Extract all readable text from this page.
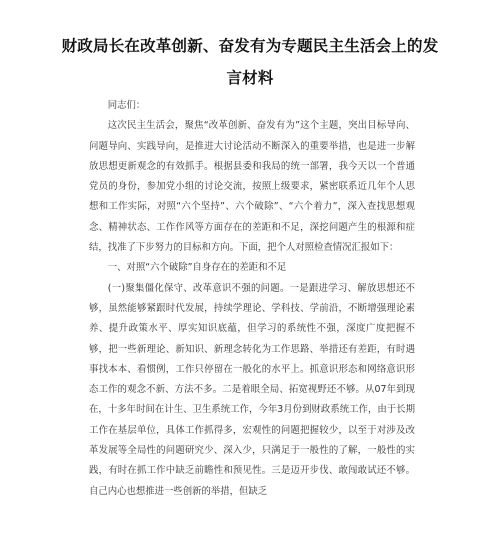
财政局长在改革创新、奋发有为专题民主生活会上的发言材料

同志们：

这次民主生活会，聚焦“改革创新、奋发有为”这个主题，突出目标导向、问题导向、实践导向，是推进大讨论活动不断深入的重要举措，也是进一步解放思想更新观念的有效抓手。根据县委和我局的统一部署，我今天以一个普通党员的身份，参加党小组的讨论交流，按照上级要求，紧密联系近几年个人思想和工作实际，对照“六个坚持”、六个破除”、“六个着力”，深入查找思想观念、精神状态、工作作风等方面存在的差距和不足，深挖问题产生的根源和症结，找准了下步努力的目标和方向。下面，把个人对照检查情况汇报如下：

一、对照“六个破除”自身存在的差距和不足

(一)聚集僵化保守、改革意识不强的问题。一是跟进学习、解放思想还不够，虽然能够紧跟时代发展，持续学理论、学科技、学前沿，不断增强理论素养、提升政策水平、厚实知识底蕴，但学习的系统性不强，深度广度把握不够，把一些新理论、新知识、新理念转化为工作思路、举措还有差距，有时遇事找本本、看惯例，工作只停留在一般化的水平上。抓意识形态和网络意识形态工作的观念不新、方法不多。二是着眼全局、拓宽视野还不够。从07年到现在，十多年时间在计生、卫生系统工作，今年3月份到财政系统工作，由于长期工作在基层单位，具体工作抓得多，宏观性的问题把握较少，以至于对涉及改革发展等全局性的问题研究少、深入少，只满足于一般性的了解，一般性的实践，有时在抓工作中缺乏前瞻性和预见性。三是迈开步伐、敢闯敢试还不够。自己内心也想推进一些创新的举措，但缺乏
